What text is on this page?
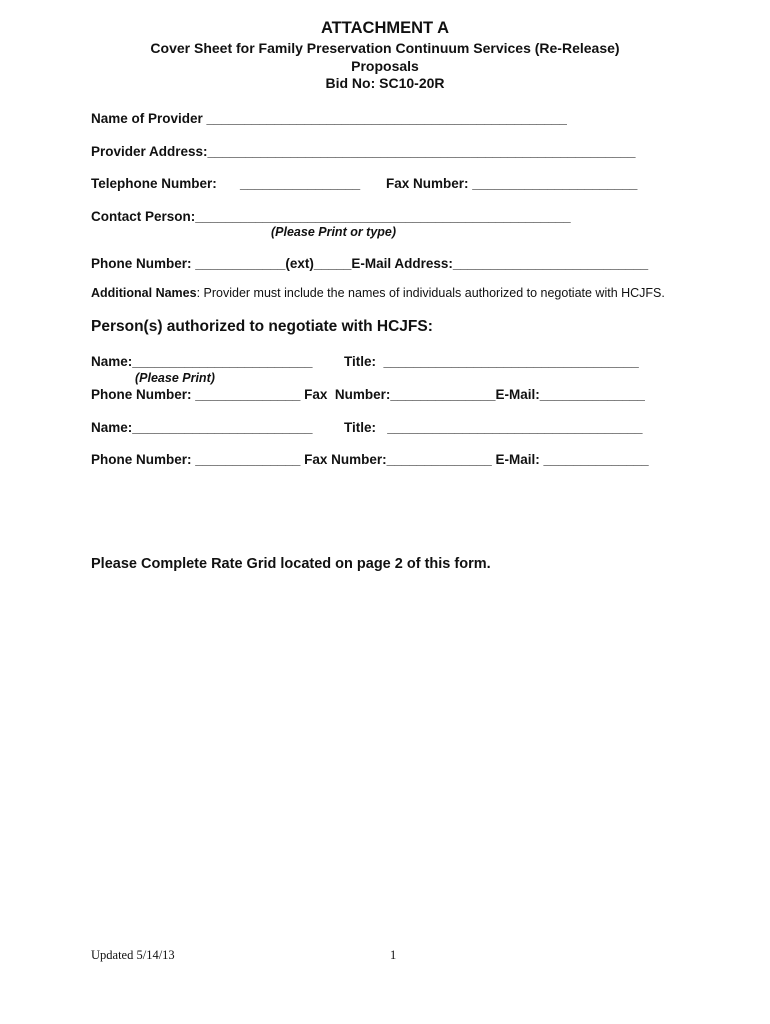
ATTACHMENT A
Cover Sheet for Family Preservation Continuum Services (Re-Release)
Proposals
Bid No: SC10-20R
Name of Provider ________________________________________________
Provider Address:_________________________________________________________
Telephone Number: ________________ Fax Number: ______________________
Contact Person:__________________________________________________
(Please Print or type)
Phone Number: ____________(ext)_____E-Mail Address:__________________________
Additional Names: Provider must include the names of individuals authorized to negotiate with HCJFS.
Person(s) authorized to negotiate with HCJFS:
Name:________________________ Title:  __________________________________
(Please Print)
Phone Number: ______________ Fax  Number:______________E-Mail:______________
Name:________________________ Title:   __________________________________
Phone Number: ______________ Fax Number:______________ E-Mail: ______________
Please Complete Rate Grid located on page 2 of this form.
Updated 5/14/13	1
